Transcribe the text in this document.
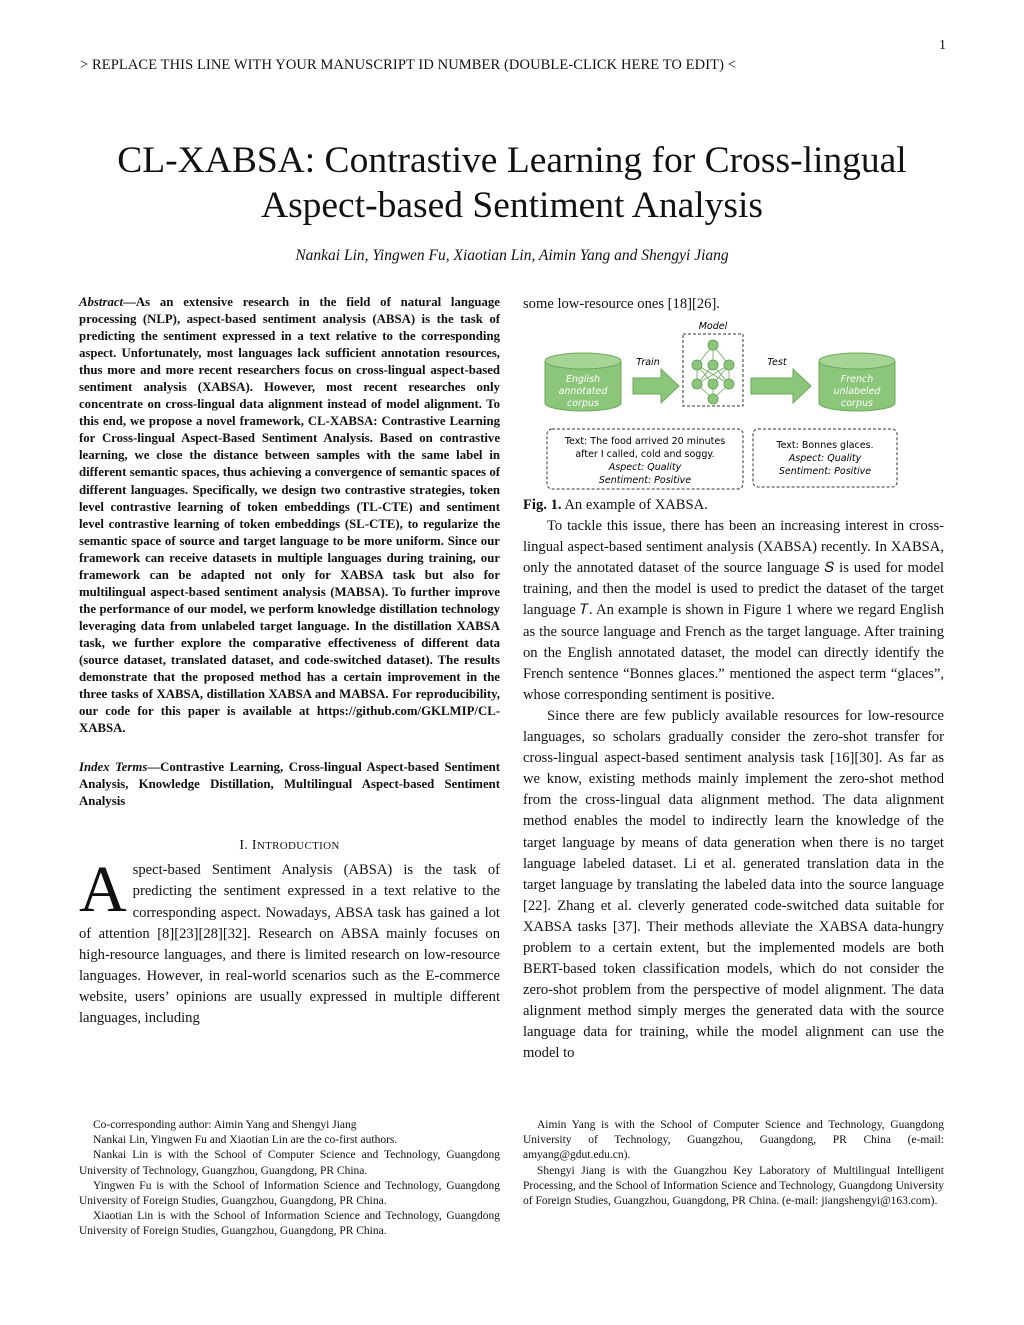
1
> REPLACE THIS LINE WITH YOUR MANUSCRIPT ID NUMBER (DOUBLE-CLICK HERE TO EDIT) <
CL-XABSA: Contrastive Learning for Cross-lingual
Aspect-based Sentiment Analysis
Nankai Lin, Yingwen Fu, Xiaotian Lin, Aimin Yang and Shengyi Jiang

Abstract—As an extensive research in the field of natural language processing (NLP), aspect-based sentiment analysis (ABSA) is the task of predicting the sentiment expressed in a text relative to the corresponding aspect. Unfortunately, most languages lack sufficient annotation resources, thus more and more recent researchers focus on cross-lingual aspect-based sentiment analysis (XABSA). However, most recent researches only concentrate on cross-lingual data alignment instead of model alignment. To this end, we propose a novel framework, CL-XABSA: Contrastive Learning for Cross-lingual Aspect-Based Sentiment Analysis. Based on contrastive learning, we close the distance between samples with the same label in different semantic spaces, thus achieving a convergence of semantic spaces of different languages. Specifically, we design two contrastive strategies, token level contrastive learning of token embeddings (TL-CTE) and sentiment level contrastive learning of token embeddings (SL-CTE), to regularize the semantic space of source and target language to be more uniform. Since our framework can receive datasets in multiple languages during training, our framework can be adapted not only for XABSA task but also for multilingual aspect-based sentiment analysis (MABSA). To further improve the performance of our model, we perform knowledge distillation technology leveraging data from unlabeled target language. In the distillation XABSA task, we further explore the comparative effectiveness of different data (source dataset, translated dataset, and code-switched dataset). The results demonstrate that the proposed method has a certain improvement in the three tasks of XABSA, distillation XABSA and MABSA. For reproducibility, our code for this paper is available at https://github.com/GKLMIP/CL-XABSA.

Index Terms—Contrastive Learning, Cross-lingual Aspect-based Sentiment Analysis, Knowledge Distillation, Multilingual Aspect-based Sentiment Analysis

I. INTRODUCTION

Aspect-based Sentiment Analysis (ABSA) is the task of predicting the sentiment expressed in a text relative to the corresponding aspect. Nowadays, ABSA task has gained a lot of attention [8][23][28][32]. Research on ABSA mainly focuses on high-resource languages, and there is limited research on low-resource languages. However, in real-world scenarios such as the E-commerce website, users’ opinions are usually expressed in multiple different languages, including

some low-resource ones [18][26].

English
annotated
corpus
Train
Model
Test
French
unlabeled
corpus
Text: The food arrived 20 minutes
after I called, cold and soggy.
Aspect: Quality
Sentiment: Positive
Text: Bonnes glaces.
Aspect: Quality
Sentiment: Positive

Fig. 1. An example of XABSA.

To tackle this issue, there has been an increasing interest in cross-lingual aspect-based sentiment analysis (XABSA) recently. In XABSA, only the annotated dataset of the source language 𝑆 is used for model training, and then the model is used to predict the dataset of the target language 𝑇. An example is shown in Figure 1 where we regard English as the source language and French as the target language. After training on the English annotated dataset, the model can directly identify the French sentence “Bonnes glaces.” mentioned the aspect term “glaces”, whose corresponding sentiment is positive.

Since there are few publicly available resources for low-resource languages, so scholars gradually consider the zero-shot transfer for cross-lingual aspect-based sentiment analysis task [16][30]. As far as we know, existing methods mainly implement the zero-shot method from the cross-lingual data alignment method. The data alignment method enables the model to indirectly learn the knowledge of the target language by means of data generation when there is no target language labeled dataset. Li et al. generated translation data in the target language by translating the labeled data into the source language [22]. Zhang et al. cleverly generated code-switched data suitable for XABSA tasks [37]. Their methods alleviate the XABSA data-hungry problem to a certain extent, but the implemented models are both BERT-based token classification models, which do not consider the zero-shot problem from the perspective of model alignment. The data alignment method simply merges the generated data with the source language data for training, while the model alignment can use the model to

Co-corresponding author: Aimin Yang and Shengyi Jiang

Nankai Lin, Yingwen Fu and Xiaotian Lin are the co-first authors.

Nankai Lin is with the School of Computer Science and Technology, Guangdong University of Technology, Guangzhou, Guangdong, PR China.

Yingwen Fu is with the School of Information Science and Technology, Guangdong University of Foreign Studies, Guangzhou, Guangdong, PR China.

Xiaotian Lin is with the School of Information Science and Technology, Guangdong University of Foreign Studies, Guangzhou, Guangdong, PR China.

Aimin Yang is with the School of Computer Science and Technology, Guangdong University of Technology, Guangzhou, Guangdong, PR China (e-mail: amyang@gdut.edu.cn).

Shengyi Jiang is with the Guangzhou Key Laboratory of Multilingual Intelligent Processing, and the School of Information Science and Technology, Guangdong University of Foreign Studies, Guangzhou, Guangdong, PR China. (e-mail: jiangshengyi@163.com).
